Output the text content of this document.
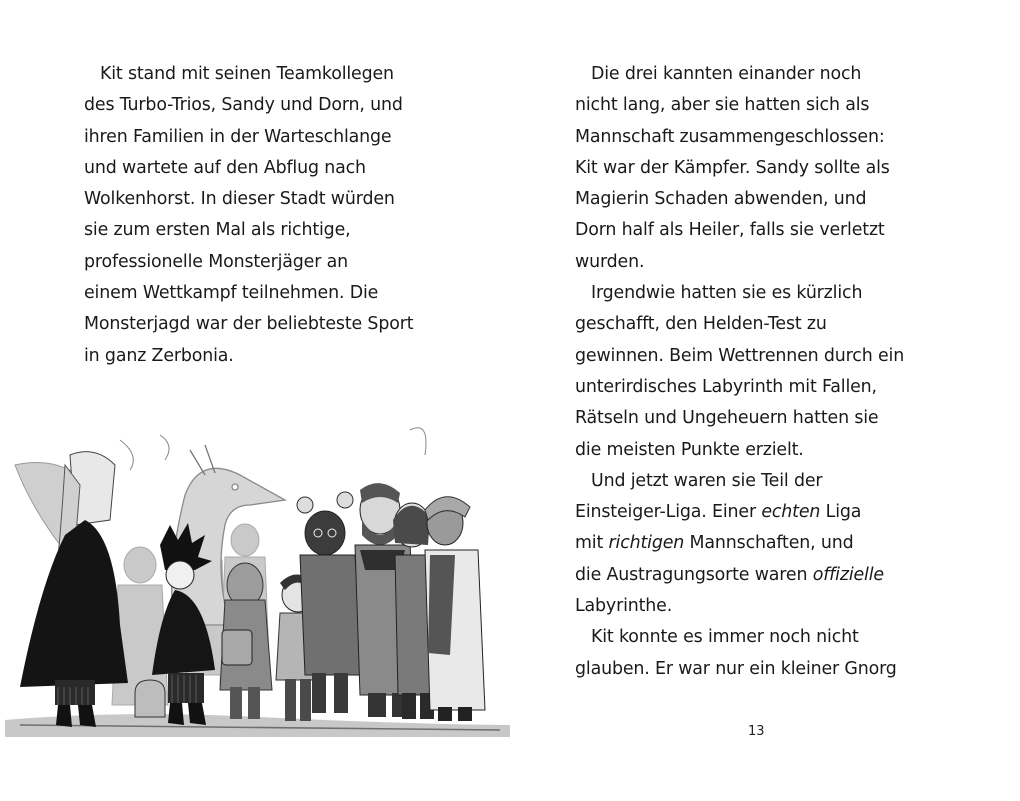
Kit stand mit seinen Teamkollegen
des Turbo-Trios, Sandy und Dorn, und
ihren Familien in der Warteschlange
und wartete auf den Abflug nach
Wolkenhorst. In dieser Stadt würden
sie zum ersten Mal als richtige,
professionelle Monsterjäger an
einem Wettkampf teilnehmen. Die
Monsterjagd war der beliebteste Sport
in ganz Zerbonia.
Die drei kannten einander noch
nicht lang, aber sie hatten sich als
Mannschaft zusammengeschlossen:
Kit war der Kämpfer. Sandy sollte als
Magierin Schaden abwenden, und
Dorn half als Heiler, falls sie verletzt
wurden.
Irgendwie hatten sie es kürzlich
geschafft, den Helden-Test zu
gewinnen. Beim Wettrennen durch ein
unterirdisches Labyrinth mit Fallen,
Rätseln und Ungeheuern hatten sie
die meisten Punkte erzielt.
Und jetzt waren sie Teil der
Einsteiger-Liga. Einer echten Liga
mit richtigen Mannschaften, und
die Austragungsorte waren offizielle
Labyrinthe.
Kit konnte es immer noch nicht
glauben. Er war nur ein kleiner Gnorg
13
